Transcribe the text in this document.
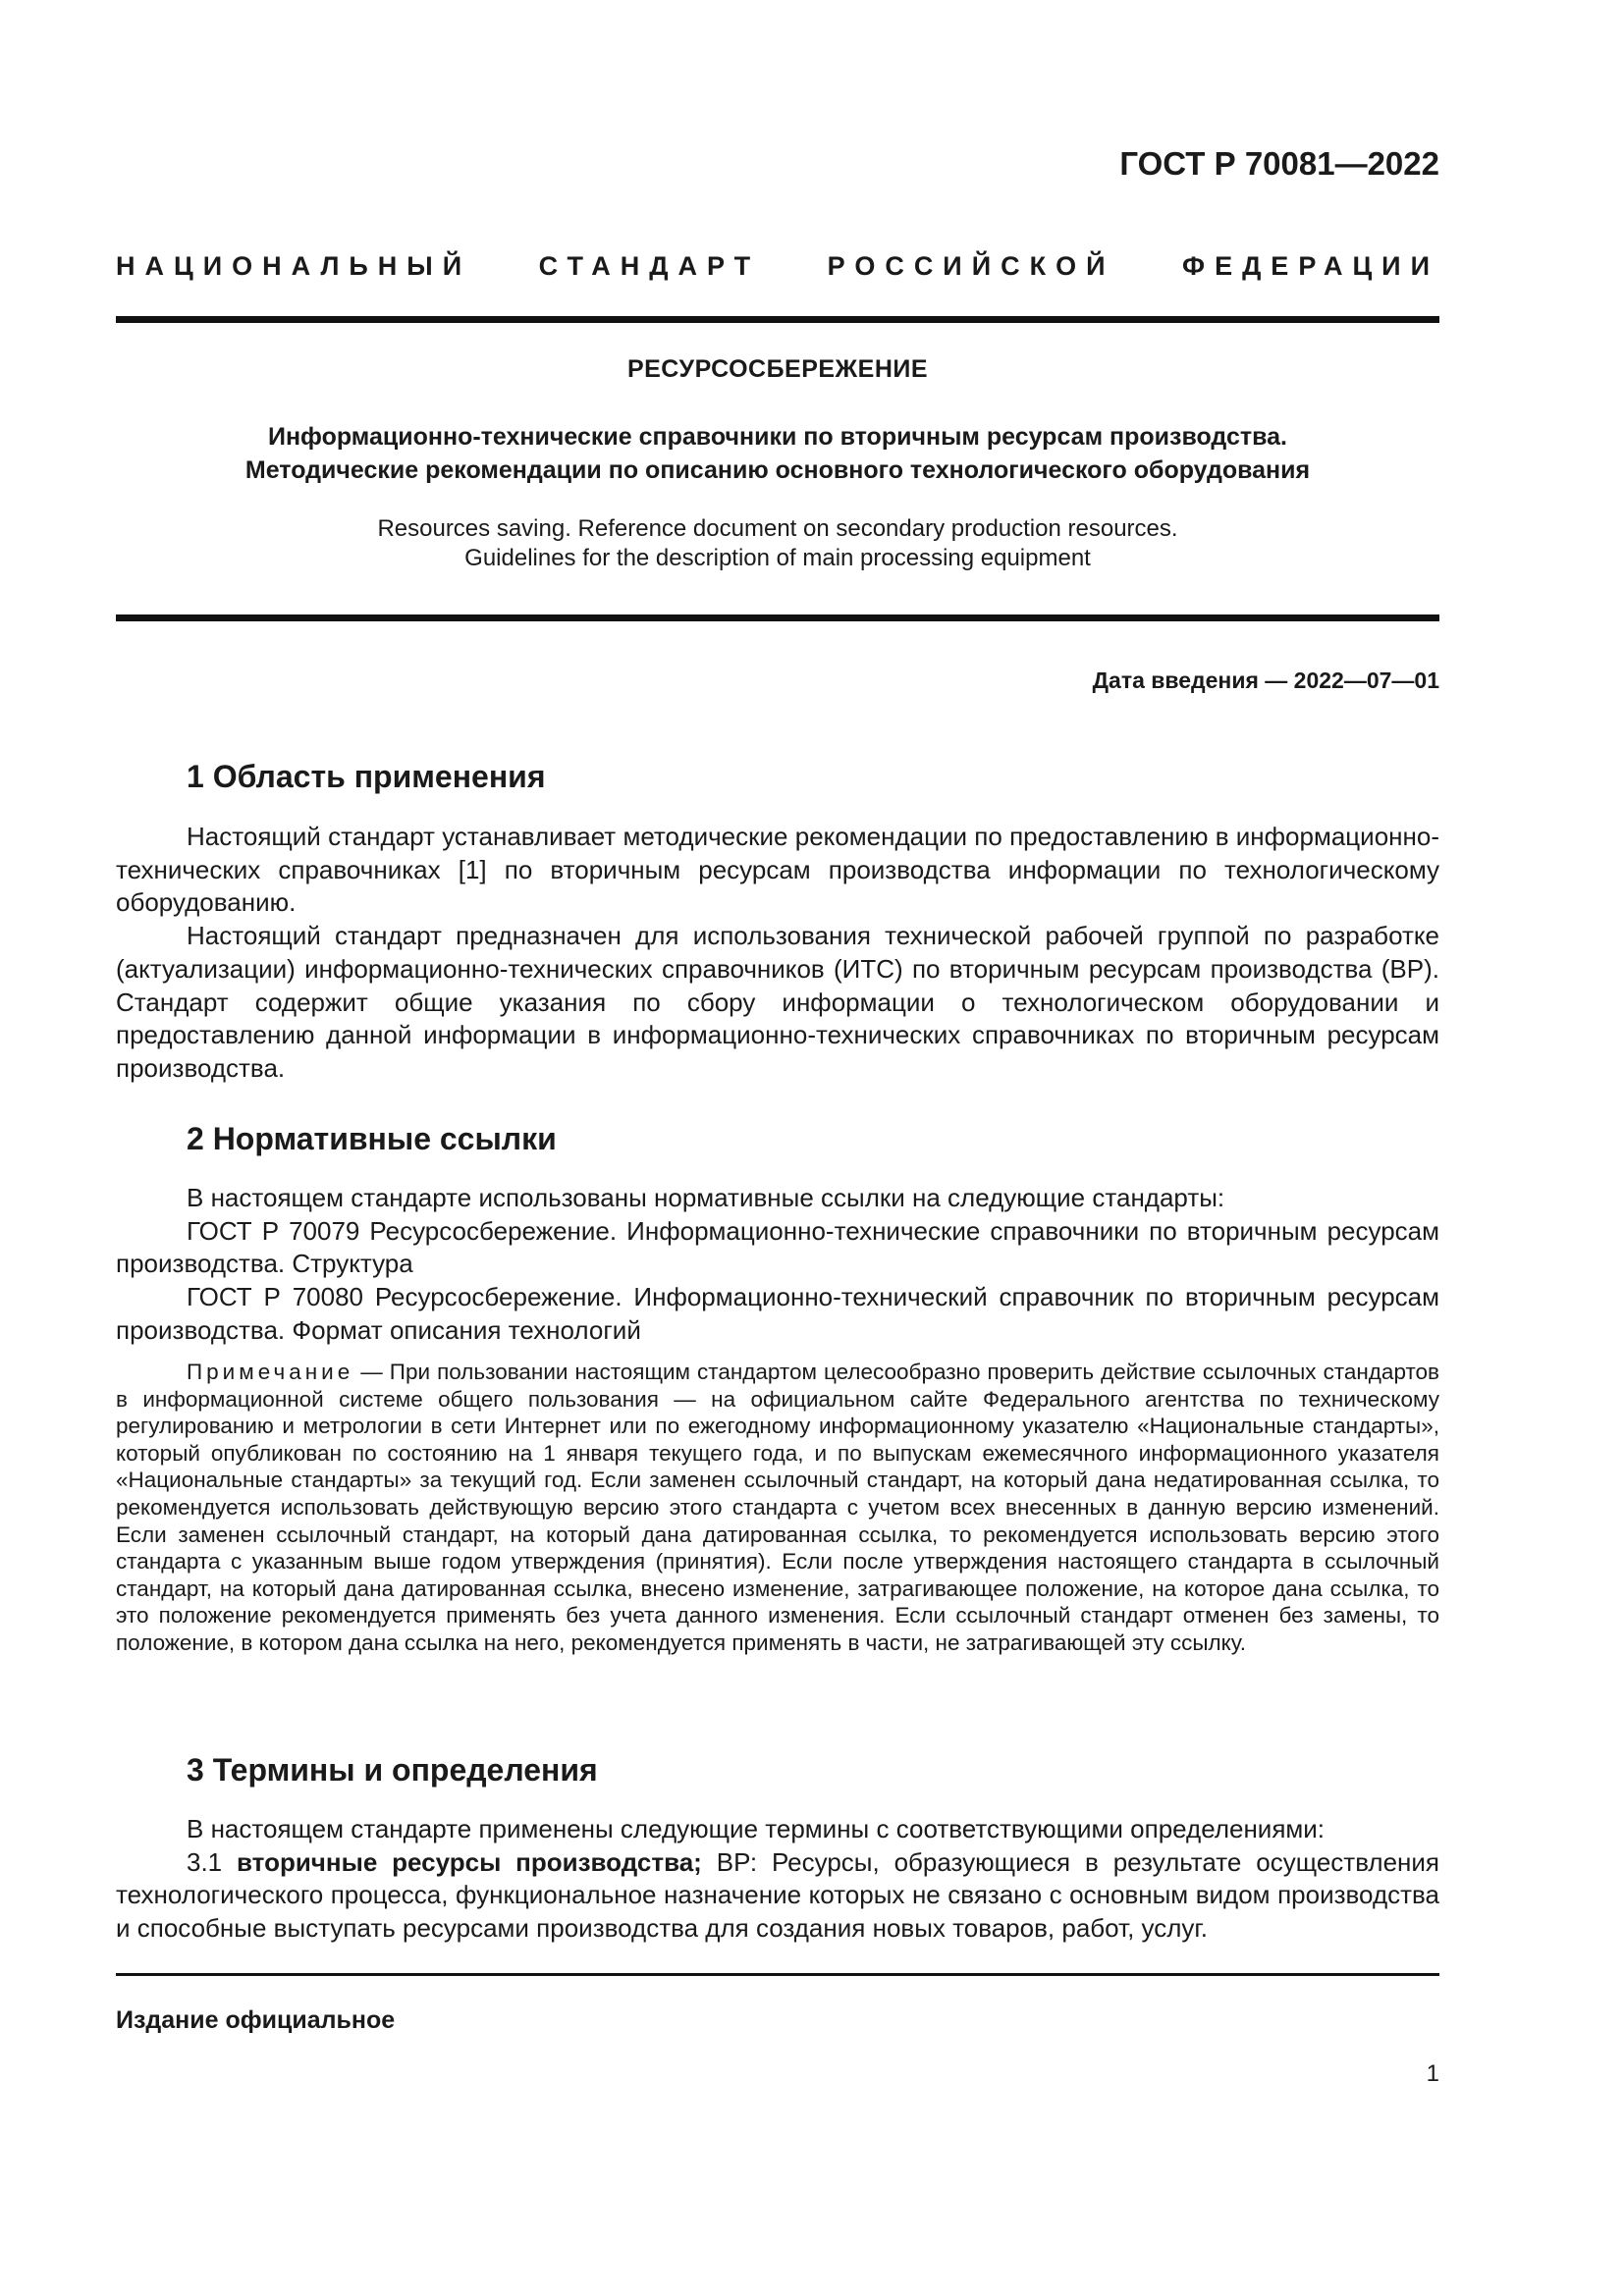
ГОСТ Р 70081—2022
НАЦИОНАЛЬНЫЙ СТАНДАРТ РОССИЙСКОЙ ФЕДЕРАЦИИ
РЕСУРСОСБЕРЕЖЕНИЕ
Информационно-технические справочники по вторичным ресурсам производства.
Методические рекомендации по описанию основного технологического оборудования
Resources saving. Reference document on secondary production resources.
Guidelines for the description of main processing equipment
Дата введения — 2022—07—01
1 Область применения

Настоящий стандарт устанавливает методические рекомендации по предоставлению в информационно-технических справочниках [1] по вторичным ресурсам производства информации по технологическому оборудованию.

Настоящий стандарт предназначен для использования технической рабочей группой по разработке (актуализации) информационно-технических справочников (ИТС) по вторичным ресурсам производства (ВР). Стандарт содержит общие указания по сбору информации о технологическом оборудовании и предоставлению данной информации в информационно-технических справочниках по вторичным ресурсам производства.

2 Нормативные ссылки

В настоящем стандарте использованы нормативные ссылки на следующие стандарты:

ГОСТ Р 70079 Ресурсосбережение. Информационно-технические справочники по вторичным ресурсам производства. Структура

ГОСТ Р 70080 Ресурсосбережение. Информационно-технический справочник по вторичным ресурсам производства. Формат описания технологий

Примечание — При пользовании настоящим стандартом целесообразно проверить действие ссылочных стандартов в информационной системе общего пользования — на официальном сайте Федерального агентства по техническому регулированию и метрологии в сети Интернет или по ежегодному информационному указателю «Национальные стандарты», который опубликован по состоянию на 1 января текущего года, и по выпускам ежемесячного информационного указателя «Национальные стандарты» за текущий год. Если заменен ссылочный стандарт, на который дана недатированная ссылка, то рекомендуется использовать действующую версию этого стандарта с учетом всех внесенных в данную версию изменений. Если заменен ссылочный стандарт, на который дана датированная ссылка, то рекомендуется использовать версию этого стандарта с указанным выше годом утверждения (принятия). Если после утверждения настоящего стандарта в ссылочный стандарт, на который дана датированная ссылка, внесено изменение, затрагивающее положение, на которое дана ссылка, то это положение рекомендуется применять без учета данного изменения. Если ссылочный стандарт отменен без замены, то положение, в котором дана ссылка на него, рекомендуется применять в части, не затрагивающей эту ссылку.

3 Термины и определения

В настоящем стандарте применены следующие термины с соответствующими определениями:

3.1 вторичные ресурсы производства; ВР: Ресурсы, образующиеся в результате осуществления технологического процесса, функциональное назначение которых не связано с основным видом производства и способные выступать ресурсами производства для создания новых товаров, работ, услуг.

Издание официальное
1
